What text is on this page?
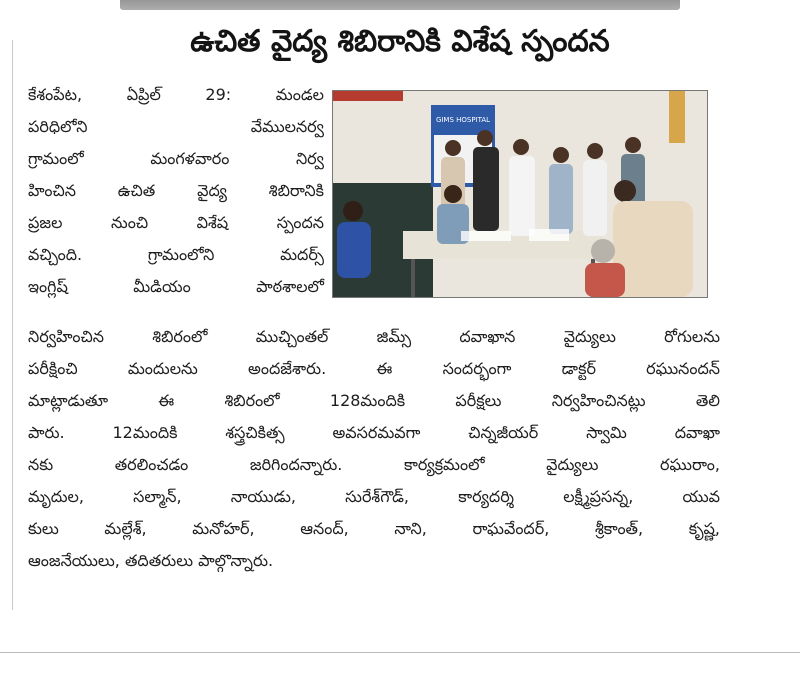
ఉచిత వైద్య శిబిరానికి విశేష స్పందన

కేశంపేట, ఏప్రిల్ 29: మండల

పరిధిలోని వేములనర్వ

గ్రామంలో మంగళవారం నిర్వ

హించిన ఉచిత వైద్య శిబిరానికి

ప్రజల నుంచి విశేష స్పందన

వచ్చింది. గ్రామంలోని మదర్స్

ఇంగ్లిష్ మీడియం పాఠశాలలో

GIMS HOSPITAL

నిర్వహించిన శిబిరంలో ముచ్చింతల్ జిమ్స్ దవాఖాన వైద్యులు రోగులను

పరీక్షించి మందులను అందజేశారు. ఈ సందర్భంగా డాక్టర్ రఘునందన్

మాట్లాడుతూ ఈ శిబిరంలో 128మందికి పరీక్షలు నిర్వహించినట్లు తెలి

పారు. 12మందికి శస్త్రచికిత్స అవసరమవగా చిన్నజీయర్ స్వామి దవాఖా

నకు తరలించడం జరిగిందన్నారు. కార్యక్రమంలో వైద్యులు రఘురాం,

మృదుల, సల్మాన్, నాయుడు, సురేశ్‌గౌడ్, కార్యదర్శి లక్ష్మీప్రసన్న, యువ

కులు మల్లేశ్, మనోహర్, ఆనంద్, నాని, రాఘవేందర్, శ్రీకాంత్, కృష్ణ,

ఆంజనేయులు, తదితరులు పాల్గొన్నారు.
